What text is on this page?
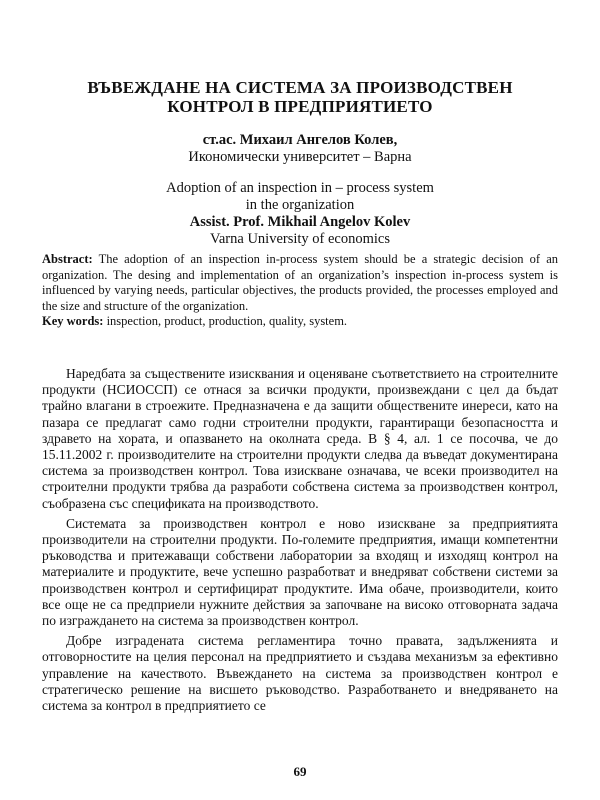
ВЪВЕЖДАНЕ НА СИСТЕМА ЗА ПРОИЗВОДСТВЕН
КОНТРОЛ В ПРЕДПРИЯТИЕТО
ст.ас. Михаил Ангелов Колев,
Икономически университет – Варна
Adoption of an inspection in – process system
in the organization
Assist. Prof. Mikhail Angelov Kolev
Varna University of economics
Abstract: The adoption of an inspection in-process system should be a strategic decision of an organization. The desing and implementation of an organization’s inspection in-process system is influenced by varying needs, particular objectives, the products provided, the processes employed and the size and structure of the organization.
Key words: inspection, product, production, quality, system.

Наредбата за съществените изисквания и оценяване съответствието на строителните продукти (НСИОССП) се отнася за всички продукти, произвеждани с цел да бъдат трайно влагани в строежите. Предназначена е да защити обществените инереси, като на пазара се предлагат само годни строителни продукти, гарантиращи безопасността и здравето на хората, и опазването на околната среда. В § 4, ал. 1 се посочва, че до 15.11.2002 г. производителите на строителни продукти следва да въведат документирана система за производствен контрол. Това изискване означава, че всеки производител на строителни продукти трябва да разработи собствена система за производствен контрол, съобразена със спецификата на производството.

Системата за производствен контрол е ново изискване за предприятията производители на строителни продукти. По-големите предприятия, имащи компетентни ръководства и притежаващи собствени лаборатории за входящ и изходящ контрол на материалите и продуктите, вече успешно разработват и внедряват собствени системи за производствен контрол и сертифицират продуктите. Има обаче, производители, които все още не са предприели нужните действия за започване на високо отговорната задача по изграждането на система за производствен контрол.

Добре изградената система регламентира точно правата, задълженията и отговорностите на целия персонал на предприятието и създава механизъм за ефективно управление на качеството. Въвеждането на система за производствен контрол е стратегическо решение на висшето ръководство. Разработването и внедряването на система за контрол в предприятието се

69
